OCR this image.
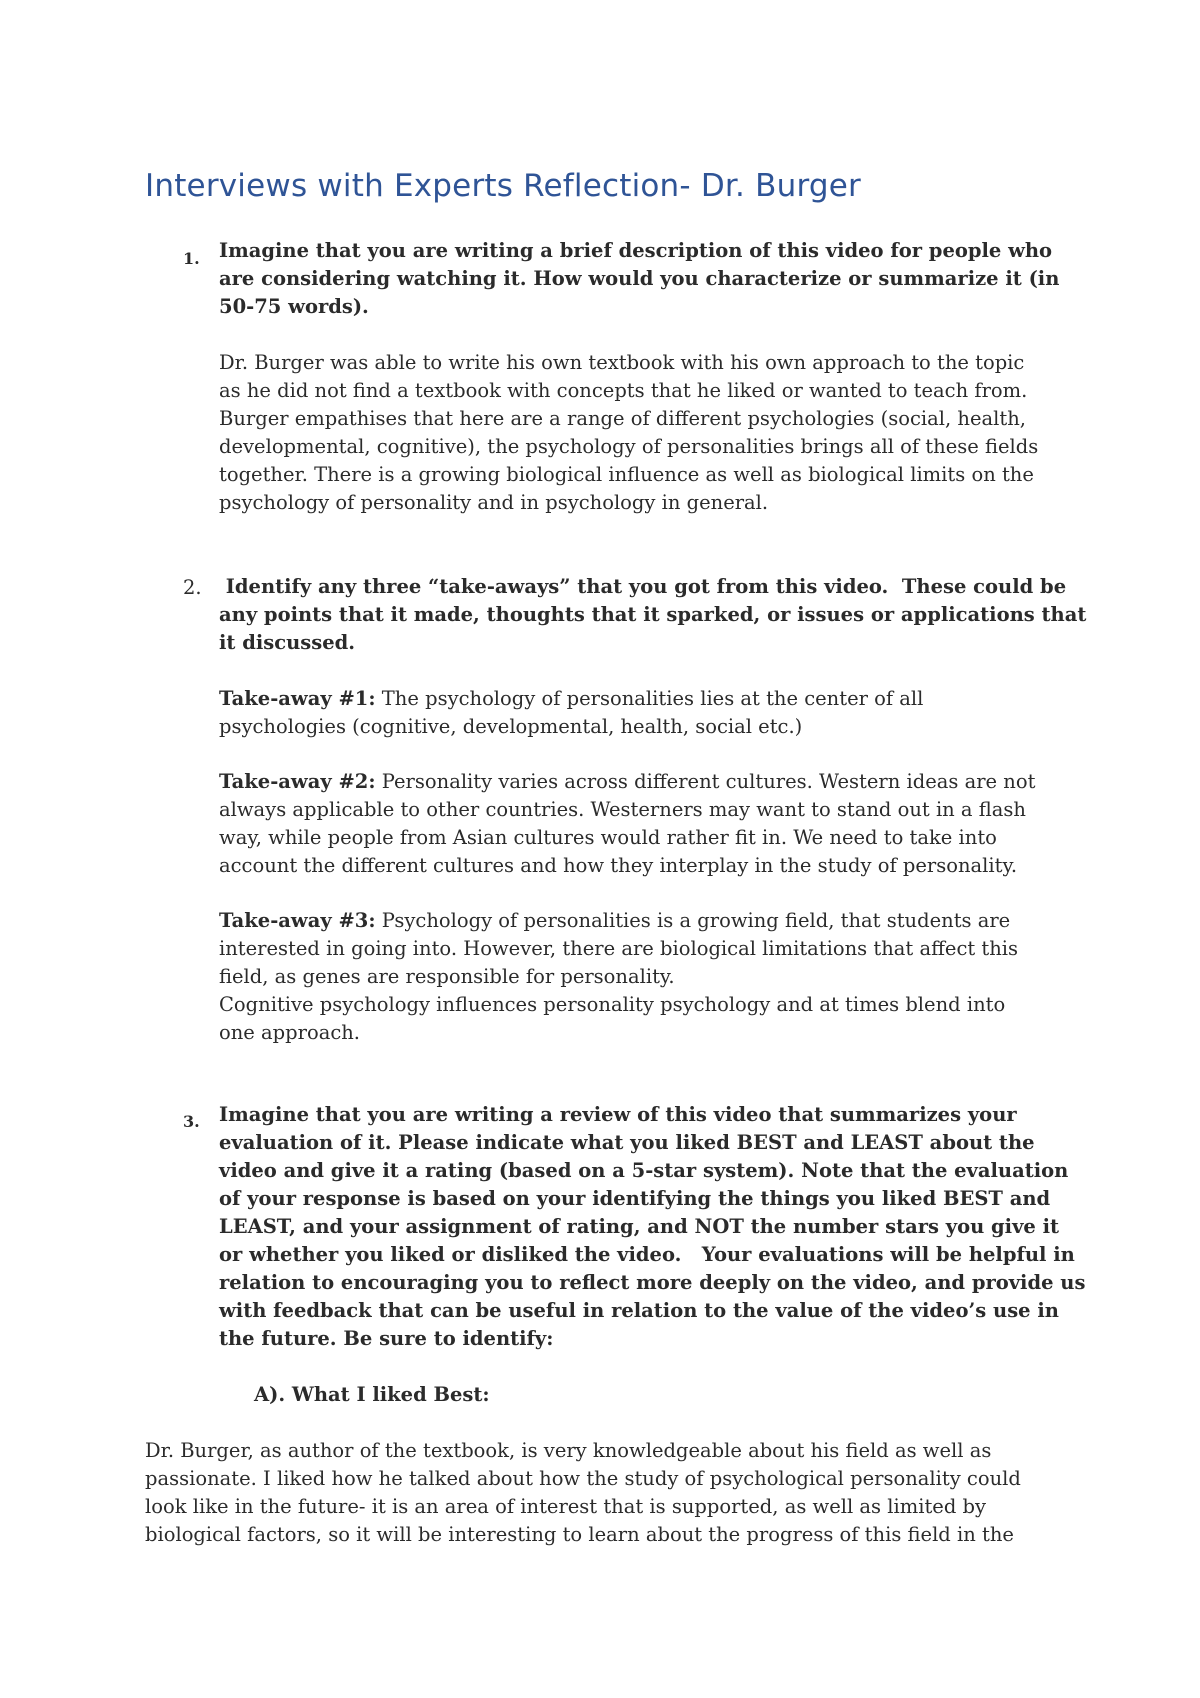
Interviews with Experts Reflection- Dr. Burger
1. Imagine that you are writing a brief description of this video for people who
are considering watching it. How would you characterize or summarize it (in
50-75 words).
Dr. Burger was able to write his own textbook with his own approach to the topic
as he did not find a textbook with concepts that he liked or wanted to teach from.
Burger empathises that here are a range of different psychologies (social, health,
developmental, cognitive), the psychology of personalities brings all of these fields
together. There is a growing biological influence as well as biological limits on the
psychology of personality and in psychology in general.
2. Identify any three “take-aways” that you got from this video.  These could be
any points that it made, thoughts that it sparked, or issues or applications that
it discussed.
Take-away #1: The psychology of personalities lies at the center of all
psychologies (cognitive, developmental, health, social etc.)
Take-away #2: Personality varies across different cultures. Western ideas are not
always applicable to other countries. Westerners may want to stand out in a flash
way, while people from Asian cultures would rather fit in. We need to take into
account the different cultures and how they interplay in the study of personality.
Take-away #3: Psychology of personalities is a growing field, that students are
interested in going into. However, there are biological limitations that affect this
field, as genes are responsible for personality.
Cognitive psychology influences personality psychology and at times blend into
one approach.
3. Imagine that you are writing a review of this video that summarizes your
evaluation of it. Please indicate what you liked BEST and LEAST about the
video and give it a rating (based on a 5-star system). Note that the evaluation
of your response is based on your identifying the things you liked BEST and
LEAST, and your assignment of rating, and NOT the number stars you give it
or whether you liked or disliked the video.   Your evaluations will be helpful in
relation to encouraging you to reflect more deeply on the video, and provide us
with feedback that can be useful in relation to the value of the video’s use in
the future. Be sure to identify:
A). What I liked Best:
Dr. Burger, as author of the textbook, is very knowledgeable about his field as well as
passionate. I liked how he talked about how the study of psychological personality could
look like in the future- it is an area of interest that is supported, as well as limited by
biological factors, so it will be interesting to learn about the progress of this field in the
